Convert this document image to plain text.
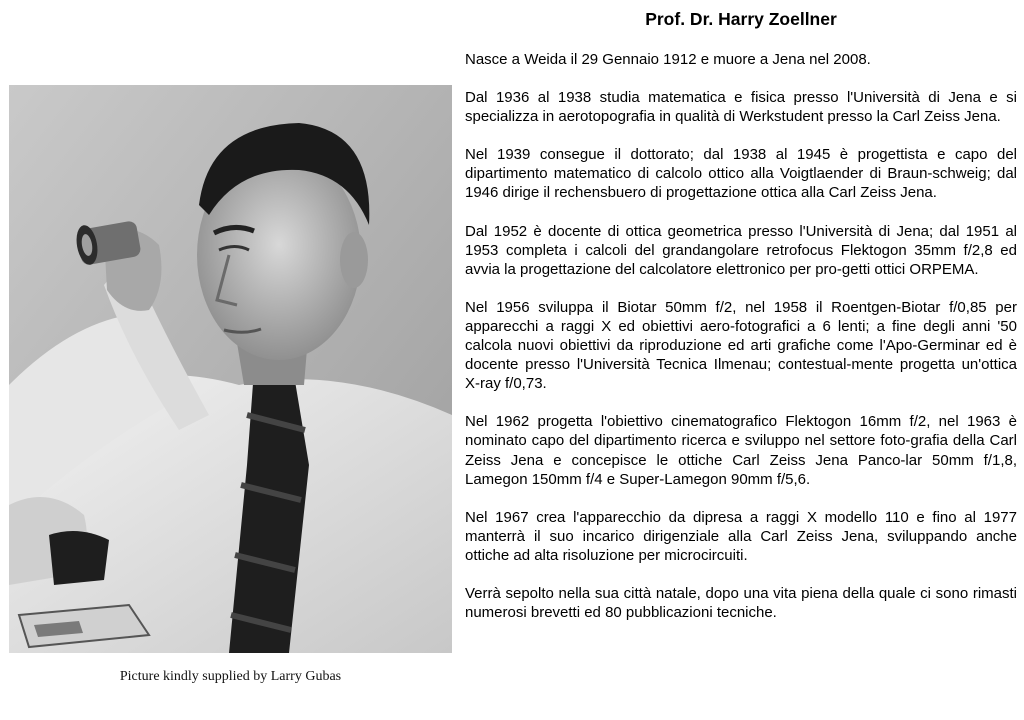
Picture kindly supplied by Larry Gubas
Prof. Dr. Harry Zoellner

Nasce a Weida il 29 Gennaio 1912 e muore a Jena nel 2008.

Dal 1936 al 1938 studia matematica e fisica presso l'Università di Jena e si specializza in aerotopografia in qualità di Werkstudent presso la Carl Zeiss Jena.

Nel 1939 consegue il dottorato; dal 1938 al 1945 è progettista e capo del dipartimento matematico di calcolo ottico alla Voigtlaender di Braun-schweig; dal 1946 dirige il rechensbuero di progettazione ottica alla Carl Zeiss Jena.

Dal 1952 è docente di ottica geometrica presso l'Università di Jena; dal 1951 al 1953 completa i calcoli del grandangolare retrofocus Flektogon 35mm f/2,8 ed avvia la progettazione del calcolatore elettronico per pro-getti ottici ORPEMA.

Nel 1956 sviluppa il Biotar 50mm f/2, nel 1958 il Roentgen-Biotar f/0,85 per apparecchi a raggi X ed obiettivi aero-fotografici a 6 lenti; a fine degli anni '50 calcola nuovi obiettivi da riproduzione ed arti grafiche come l'Apo-Germinar ed è docente presso l'Università Tecnica Ilmenau; contestual-mente progetta un'ottica X-ray f/0,73.

Nel 1962 progetta l'obiettivo cinematografico Flektogon 16mm f/2, nel 1963 è nominato capo del dipartimento ricerca e sviluppo nel settore foto-grafia della Carl Zeiss Jena e concepisce le ottiche Carl Zeiss Jena Panco-lar 50mm f/1,8, Lamegon 150mm f/4 e Super-Lamegon 90mm f/5,6.

Nel 1967 crea l'apparecchio da dipresa a raggi X modello 110 e fino al 1977 manterrà il suo incarico dirigenziale alla Carl Zeiss Jena, sviluppando anche ottiche ad alta risoluzione per microcircuiti.

Verrà sepolto nella sua città natale, dopo una vita piena della quale ci sono rimasti numerosi brevetti ed 80 pubblicazioni tecniche.
